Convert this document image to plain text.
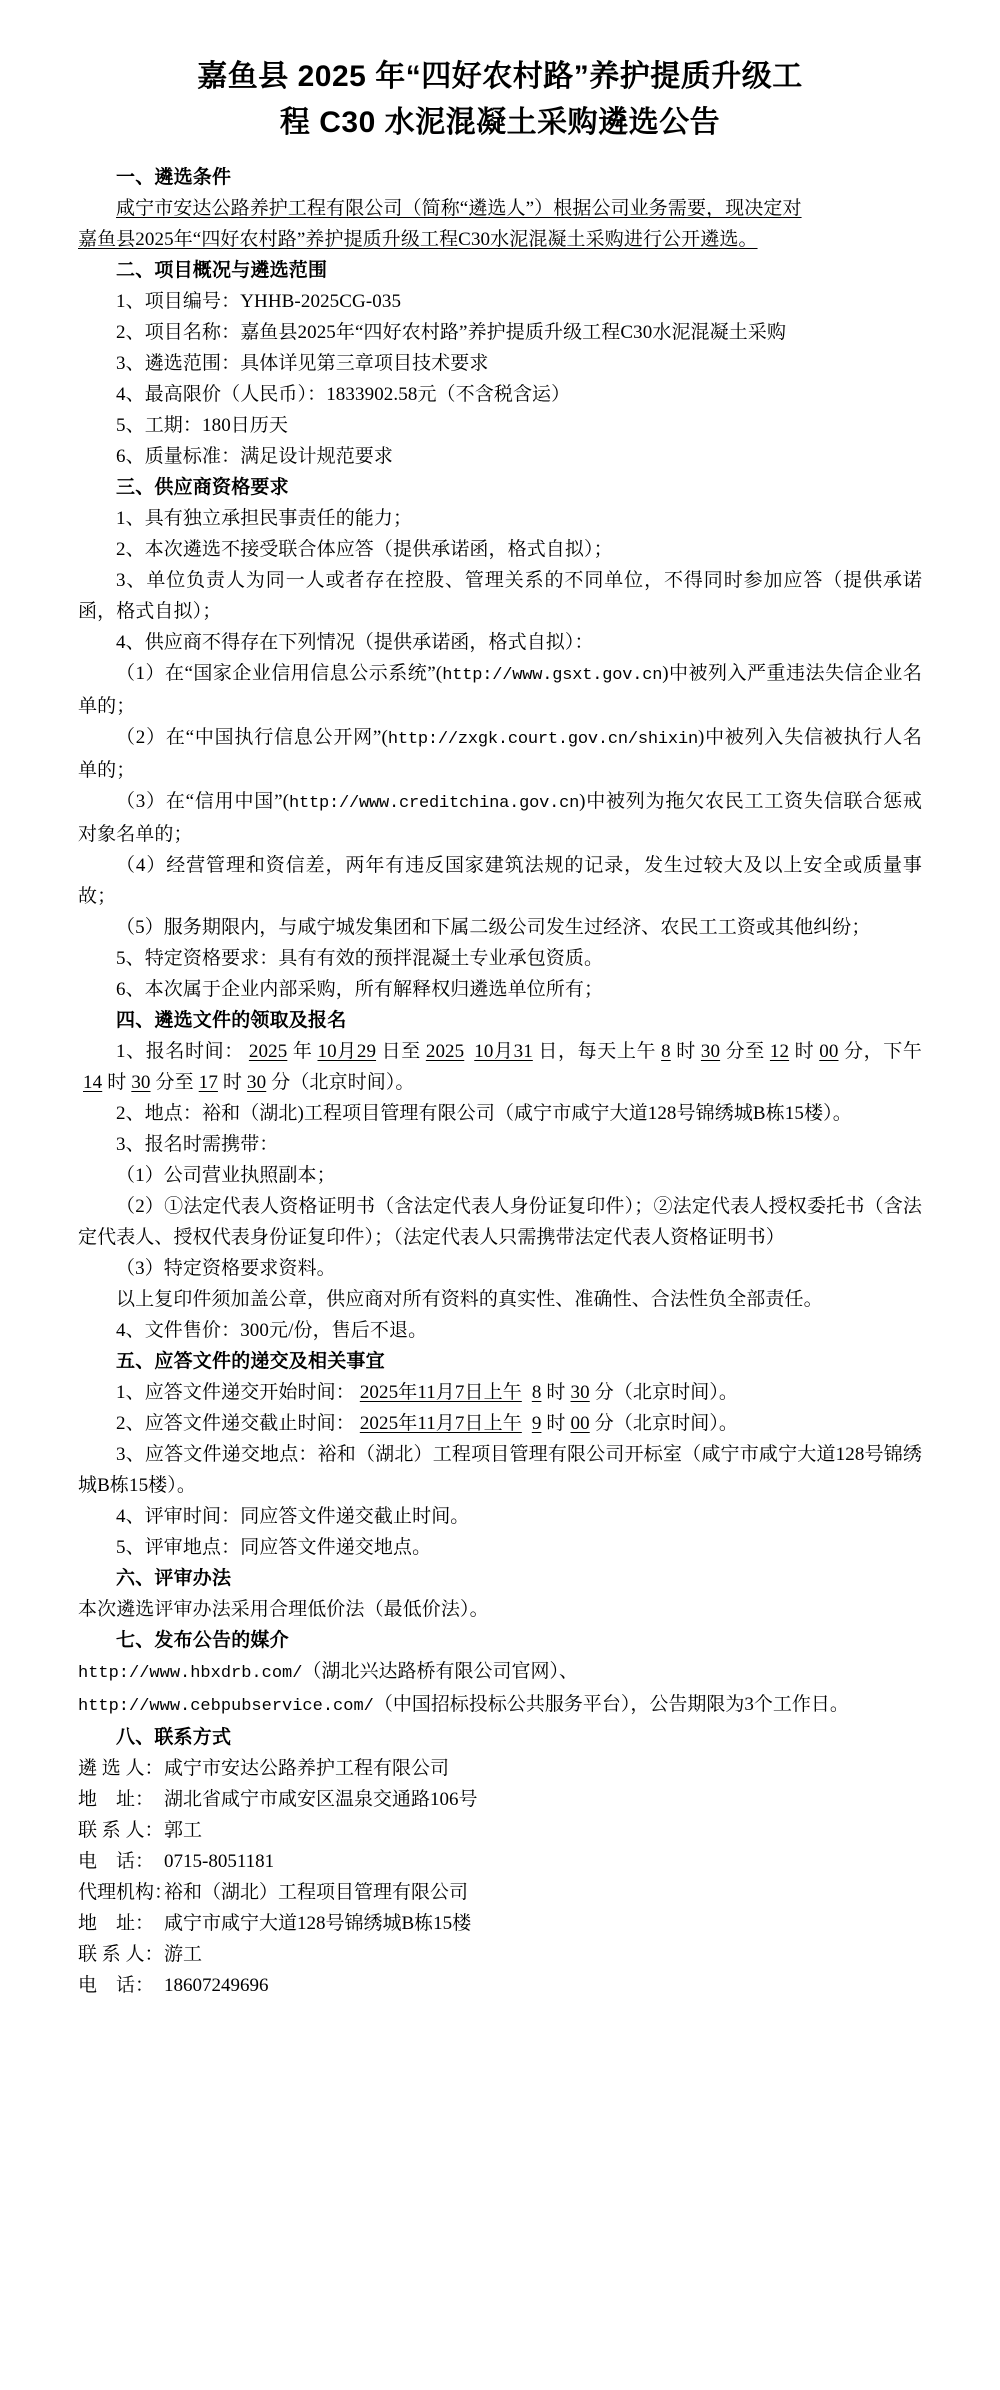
嘉鱼县 2025 年“四好农村路”养护提质升级工
程 C30 水泥混凝土采购遴选公告

一、遴选条件

咸宁市安达公路养护工程有限公司（简称“遴选人”）根据公司业务需要，现决定对

嘉鱼县2025年“四好农村路”养护提质升级工程C30水泥混凝土采购进行公开遴选。

二、项目概况与遴选范围

1、项目编号：YHHB-2025CG-035

2、项目名称：嘉鱼县2025年“四好农村路”养护提质升级工程C30水泥混凝土采购

3、遴选范围：具体详见第三章项目技术要求

4、最高限价（人民币）：1833902.58元（不含税含运）

5、工期：180日历天

6、质量标准：满足设计规范要求

三、供应商资格要求

1、具有独立承担民事责任的能力；

2、本次遴选不接受联合体应答（提供承诺函，格式自拟）；

3、单位负责人为同一人或者存在控股、管理关系的不同单位，不得同时参加应答（提供承诺函，格式自拟）；

4、供应商不得存在下列情况（提供承诺函，格式自拟）：

（1）在“国家企业信用信息公示系统”(http://www.gsxt.gov.cn)中被列入严重违法失信企业名单的；

（2）在“中国执行信息公开网”(http://zxgk.court.gov.cn/shixin)中被列入失信被执行人名单的；

（3）在“信用中国”(http://www.creditchina.gov.cn)中被列为拖欠农民工工资失信联合惩戒对象名单的；

（4）经营管理和资信差，两年有违反国家建筑法规的记录，发生过较大及以上安全或质量事故；

（5）服务期限内，与咸宁城发集团和下属二级公司发生过经济、农民工工资或其他纠纷；

5、特定资格要求：具有有效的预拌混凝土专业承包资质。

6、本次属于企业内部采购，所有解释权归遴选单位所有；

四、遴选文件的领取及报名

1、报名时间： 2025 年 10月29 日至 2025 10月31 日，每天上午 8 时 30 分至 12 时 00 分，下午14 时 30 分至 17 时 30 分（北京时间）。

2、地点：裕和（湖北)工程项目管理有限公司（咸宁市咸宁大道128号锦绣城B栋15楼）。

3、报名时需携带：

（1）公司营业执照副本；

（2）①法定代表人资格证明书（含法定代表人身份证复印件）；②法定代表人授权委托书（含法定代表人、授权代表身份证复印件）；（法定代表人只需携带法定代表人资格证明书）

（3）特定资格要求资料。

以上复印件须加盖公章，供应商对所有资料的真实性、准确性、合法性负全部责任。

4、文件售价：300元/份，售后不退。

五、应答文件的递交及相关事宜

1、应答文件递交开始时间： 2025年11月7日上午 8 时 30 分（北京时间）。

2、应答文件递交截止时间： 2025年11月7日上午 9 时 00 分（北京时间）。

3、应答文件递交地点：裕和（湖北）工程项目管理有限公司开标室（咸宁市咸宁大道128号锦绣城B栋15楼）。

4、评审时间：同应答文件递交截止时间。

5、评审地点：同应答文件递交地点。

六、评审办法

本次遴选评审办法采用合理低价法（最低价法）。

七、发布公告的媒介

http://www.hbxdrb.com/（湖北兴达路桥有限公司官网）、

http://www.cebpubservice.com/（中国招标投标公共服务平台），公告期限为3个工作日。

八、联系方式

遴 选 人：咸宁市安达公路养护工程有限公司

地    址： 湖北省咸宁市咸安区温泉交通路106号

联 系 人：郭工

电    话： 0715-8051181

代理机构：裕和（湖北）工程项目管理有限公司

地    址： 咸宁市咸宁大道128号锦绣城B栋15楼

联 系 人：游工

电    话： 18607249696
